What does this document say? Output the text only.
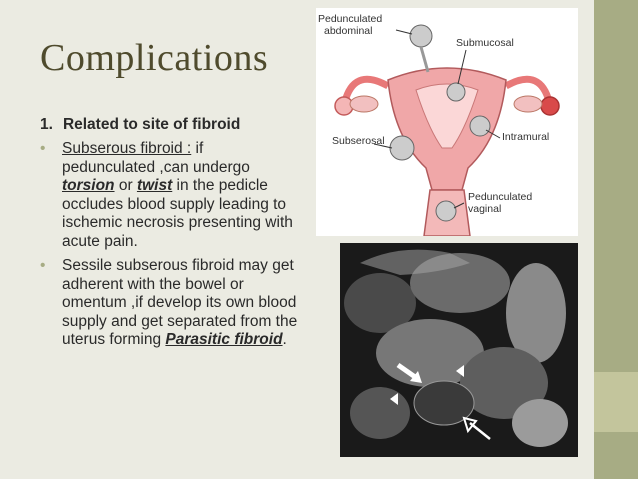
Complications
1. Related to site of fibroid
• Subserous fibroid : if pedunculated ,can undergo torsion or twist in the pedicle occludes blood supply leading to ischemic necrosis presenting with acute pain.
• Sessile subserous fibroid may get adherent with the bowel or omentum ,if develop its own blood supply and get separated from the uterus forming Parasitic fibroid.
Pedunculated
abdominal
Submucosal
Subserosal	Intramural
Pedunculated
vaginal
